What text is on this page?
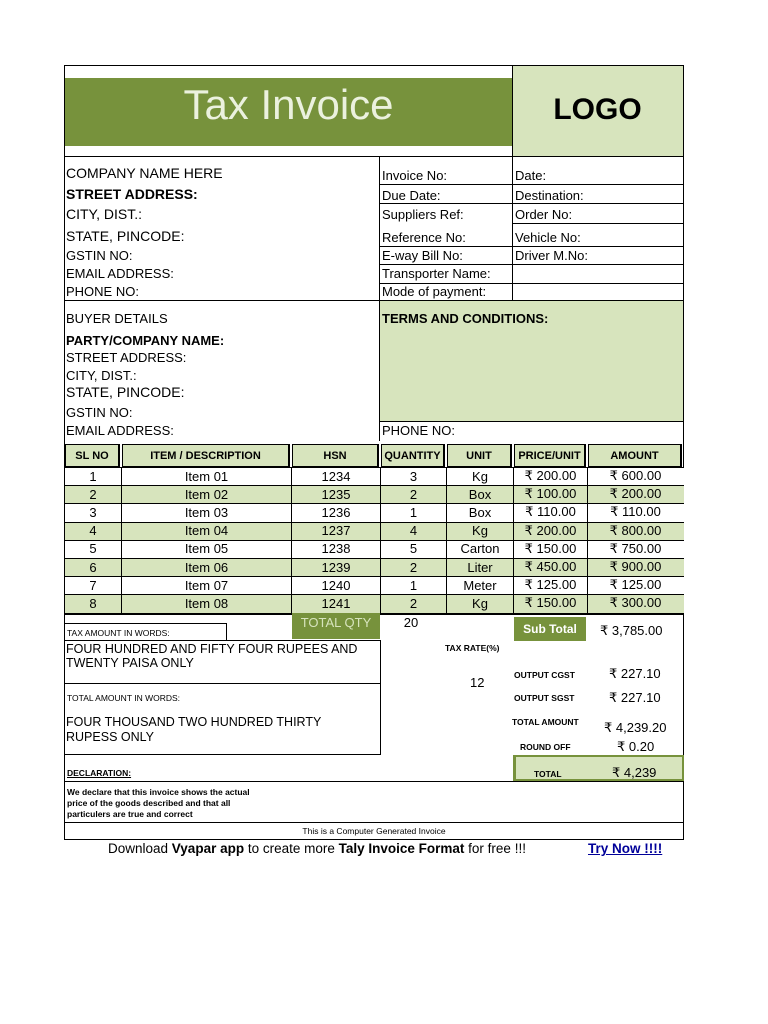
Tax Invoice	LOGO
COMPANY NAME HERE
STREET ADDRESS:
CITY, DIST.:
STATE, PINCODE:
GSTIN NO:
EMAIL ADDRESS:
PHONE NO:
Invoice No:	Date:
Due Date:	Destination:
Suppliers Ref:	Order No:
Reference No:	Vehicle No:
E-way Bill No:	Driver M.No:
Transporter Name:
Mode of payment:
BUYER DETAILS
PARTY/COMPANY NAME:
STREET ADDRESS:
CITY, DIST.:
STATE, PINCODE:
GSTIN NO:
EMAIL ADDRESS:
TERMS AND CONDITIONS:
PHONE NO:
SL NO	ITEM / DESCRIPTION	HSN	QUANTITY	UNIT	PRICE/UNIT	AMOUNT
1	Item 01	1234	3	Kg	₹ 200.00	₹ 600.00
2	Item 02	1235	2	Box	₹ 100.00	₹ 200.00
3	Item 03	1236	1	Box	₹ 110.00	₹ 110.00
4	Item 04	1237	4	Kg	₹ 200.00	₹ 800.00
5	Item 05	1238	5	Carton	₹ 150.00	₹ 750.00
6	Item 06	1239	2	Liter	₹ 450.00	₹ 900.00
7	Item 07	1240	1	Meter	₹ 125.00	₹ 125.00
8	Item 08	1241	2	Kg	₹ 150.00	₹ 300.00
TOTAL QTY	20	Sub Total	₹ 3,785.00
TAX AMOUNT IN WORDS:
FOUR HUNDRED AND FIFTY FOUR RUPEES AND
TWENTY PAISA ONLY
TOTAL AMOUNT IN WORDS:
FOUR THOUSAND TWO HUNDRED THIRTY
RUPESS ONLY
TAX RATE(%)
12	OUTPUT CGST	₹ 227.10
OUTPUT SGST	₹ 227.10
TOTAL AMOUNT ₹ 4,239.20
ROUND OFF	₹ 0.20
TOTAL	₹ 4,239
DECLARATION:
We declare that this invoice shows the actual
price of the goods described and that all
particulers are true and correct
This is a Computer Generated Invoice
Download Vyapar app to create more Taly Invoice Format for free !!!	Try Now !!!!
